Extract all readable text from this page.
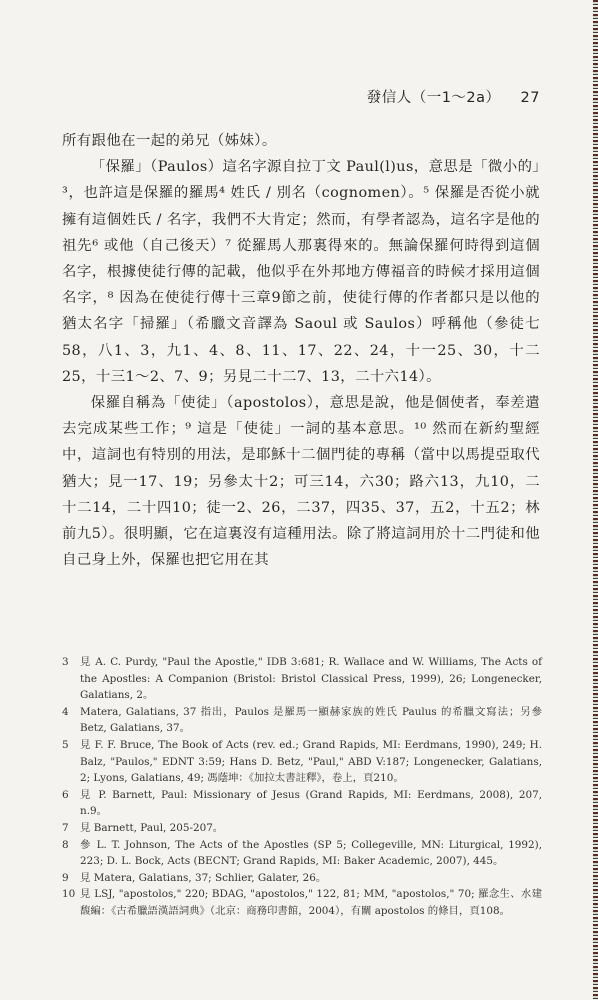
發信人（一1～2a） 27

所有跟他在一起的弟兄（姊妹）。

「保羅」（Paulos）這名字源自拉丁文 Paul(l)us，意思是「微小的」³，也許這是保羅的羅馬⁴ 姓氏 / 別名（cognomen）。⁵ 保羅是否從小就擁有這個姓氏 / 名字，我們不大肯定；然而，有學者認為，這名字是他的祖先⁶ 或他（自己後天）⁷ 從羅馬人那裏得來的。無論保羅何時得到這個名字，根據使徒行傳的記載，他似乎在外邦地方傳福音的時候才採用這個名字，⁸ 因為在使徒行傳十三章9節之前，使徒行傳的作者都只是以他的猶太名字「掃羅」（希臘文音譯為 Saoul 或 Saulos）呼稱他（參徒七58，八1、3，九1、4、8、11、17、22、24，十一25、30，十二25，十三1～2、7、9；另見二十二7、13，二十六14）。

保羅自稱為「使徒」（apostolos），意思是說，他是個使者，奉差遣去完成某些工作；⁹ 這是「使徒」一詞的基本意思。¹⁰ 然而在新約聖經中，這詞也有特別的用法，是耶穌十二個門徒的專稱（當中以馬提亞取代猶大；見一17、19；另參太十2；可三14，六30；路六13，九10，二十二14，二十四10；徒一2、26，二37，四35、37，五2，十五2；林前九5）。很明顯，它在這裏沒有這種用法。除了將這詞用於十二門徒和他自己身上外，保羅也把它用在其

3	見 A. C. Purdy, "Paul the Apostle," IDB 3:681; R. Wallace and W. Williams, The Acts of the Apostles: A Companion (Bristol: Bristol Classical Press, 1999), 26; Longenecker, Galatians, 2。
4	Matera, Galatians, 37 指出，Paulos 是羅馬一顯赫家族的姓氏 Paulus 的希臘文寫法；另參 Betz, Galatians, 37。
5	見 F. F. Bruce, The Book of Acts (rev. ed.; Grand Rapids, MI: Eerdmans, 1990), 249; H. Balz, "Paulos," EDNT 3:59; Hans D. Betz, "Paul," ABD V:187; Longenecker, Galatians, 2; Lyons, Galatians, 49; 馮蔭坤：《加拉太書註釋》，卷上，頁210。
6	見 P. Barnett, Paul: Missionary of Jesus (Grand Rapids, MI: Eerdmans, 2008), 207, n.9。
7	見 Barnett, Paul, 205-207。
8	參 L. T. Johnson, The Acts of the Apostles (SP 5; Collegeville, MN: Liturgical, 1992), 223; D. L. Bock, Acts (BECNT; Grand Rapids, MI: Baker Academic, 2007), 445。
9	見 Matera, Galatians, 37; Schlier, Galater, 26。
10 見 LSJ, "apostolos," 220; BDAG, "apostolos," 122, 81; MM, "apostolos," 70; 羅念生、水建馥編：《古希臘語漢語詞典》（北京：商務印書館，2004），有關 apostolos 的條目，頁108。
